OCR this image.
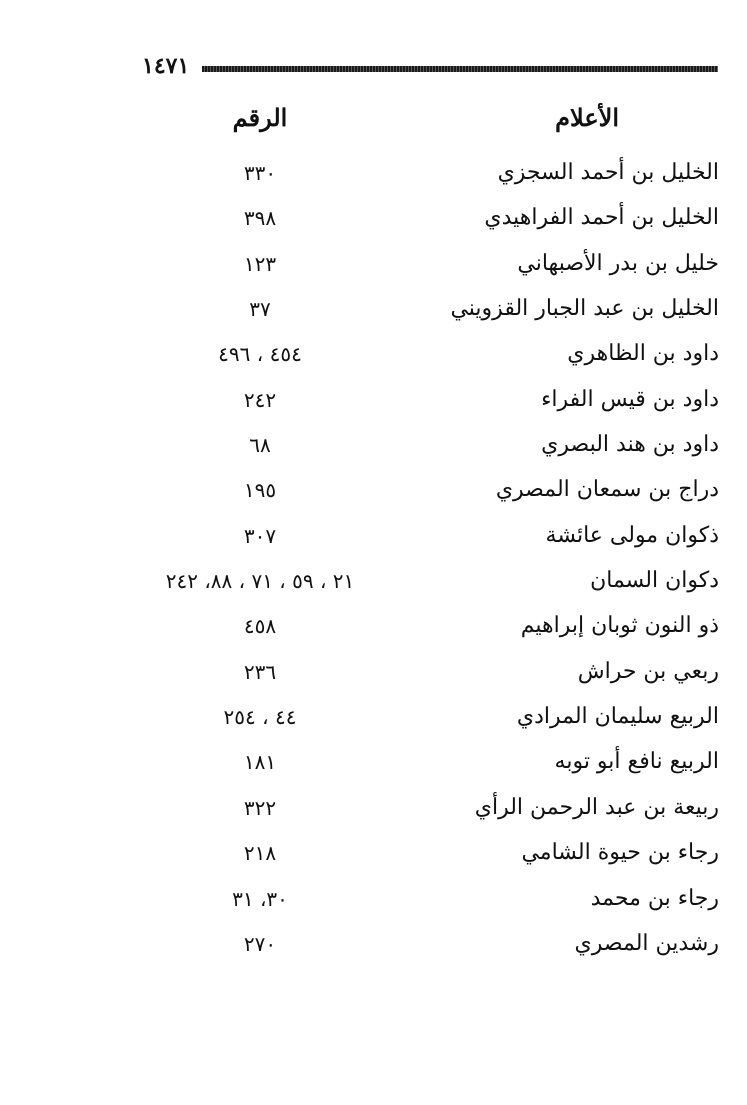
١٤٧١
الأعلام
الرقم
الخليل بن أحمد السجزي
٣٣٠
الخليل بن أحمد الفراهيدي
٣٩٨
خليل بن بدر الأصبهاني
١٢٣
الخليل بن عبد الجبار القزويني
٣٧
داود بن الظاهري
٤٥٤ ، ٤٩٦
داود بن قيس الفراء
٢٤٢
داود بن هند البصري
٦٨
دراج بن سمعان المصري
١٩٥
ذكوان مولى عائشة
٣٠٧
دكوان السمان
٢١ ، ٥٩ ، ٧١ ، ٨٨، ٢٤٢
ذو النون ثوبان إبراهيم
٤٥٨
ربعي بن حراش
٢٣٦
الربيع سليمان المرادي
٤٤ ، ٢٥٤
الربيع نافع أبو توبه
١٨١
ربيعة بن عبد الرحمن الرأي
٣٢٢
رجاء بن حيوة الشامي
٢١٨
رجاء بن محمد
٣٠، ٣١
رشدين المصري
٢٧٠
